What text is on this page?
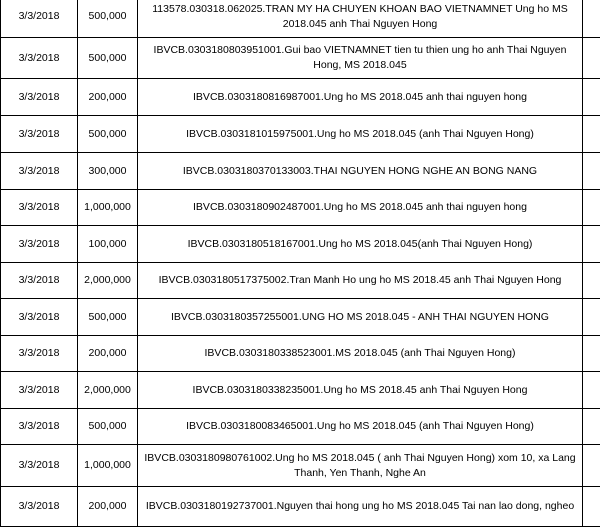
3/3/2018	500,000	113578.030318.062025.TRAN MY HA CHUYEN KHOAN BAO VIETNAMNET Ung ho MS 2018.045 anh Thai Nguyen Hong	
3/3/2018	500,000	IBVCB.0303180803951001.Gui bao VIETNAMNET tien tu thien ung ho anh Thai Nguyen Hong, MS 2018.045	
3/3/2018	200,000	IBVCB.0303180816987001.Ung ho MS 2018.045 anh thai nguyen hong	
3/3/2018	500,000	IBVCB.0303181015975001.Ung ho MS 2018.045 (anh Thai Nguyen Hong)	
3/3/2018	300,000	IBVCB.0303180370133003.THAI NGUYEN HONG NGHE AN BONG NANG	
3/3/2018	1,000,000	IBVCB.0303180902487001.Ung ho MS 2018.045 anh thai nguyen hong	
3/3/2018	100,000	IBVCB.0303180518167001.Ung ho MS 2018.045(anh Thai Nguyen Hong)	
3/3/2018	2,000,000	IBVCB.0303180517375002.Tran Manh Ho ung ho MS 2018.45 anh Thai Nguyen Hong	
3/3/2018	500,000	IBVCB.0303180357255001.UNG HO MS 2018.045 - ANH THAI NGUYEN HONG	
3/3/2018	200,000	IBVCB.0303180338523001.MS 2018.045 (anh Thai Nguyen Hong)	
3/3/2018	2,000,000	IBVCB.0303180338235001.Ung ho MS 2018.45 anh Thai Nguyen Hong	
3/3/2018	500,000	IBVCB.0303180083465001.Ung ho MS 2018.045 (anh Thai Nguyen Hong)	
3/3/2018	1,000,000	IBVCB.0303180980761002.Ung ho MS 2018.045 ( anh Thai Nguyen Hong) xom 10, xa Lang Thanh, Yen Thanh, Nghe An	
3/3/2018	200,000	IBVCB.0303180192737001.Nguyen thai hong ung ho MS 2018.045 Tai nan lao dong, ngheo	
